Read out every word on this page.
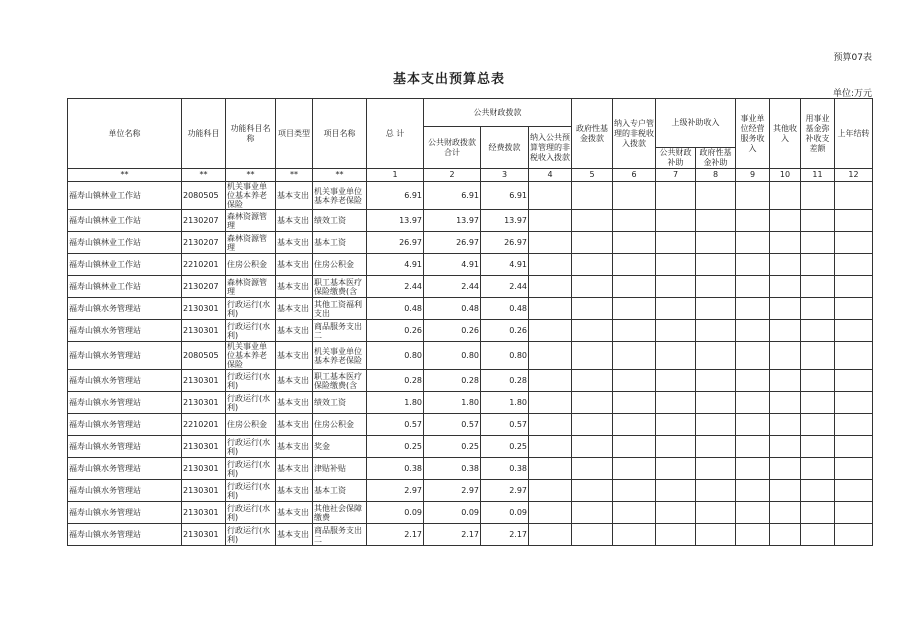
预算07表
基本支出预算总表
单位:万元
单位名称	功能科目	功能科目名称	项目类型	项目名称	总 计	公共财政拨款			政府性基金拨款	纳入专户管理的非税收入拨款	上级补助收入		事业单位经营服务收入	其他收入	用事业基金弥补收支差额	上年结转
						公共财政拨款合计	经费拨款	纳入公共预算管理的非税收入拨款								
											公共财政补助	政府性基金补助				
**	**	**	**	**	1	2	3	4	5	6	7	8	9	10	11	12
福寿山镇林业工作站	2080505	机关事业单位基本养老保险	基本支出	机关事业单位基本养老保险	6.91	6.91	6.91									
福寿山镇林业工作站	2130207	森林资源管理	基本支出	绩效工资	13.97	13.97	13.97									
福寿山镇林业工作站	2130207	森林资源管理	基本支出	基本工资	26.97	26.97	26.97									
福寿山镇林业工作站	2210201	住房公积金	基本支出	住房公积金	4.91	4.91	4.91									
福寿山镇林业工作站	2130207	森林资源管理	基本支出	职工基本医疗保险缴费(含	2.44	2.44	2.44									
福寿山镇水务管理站	2130301	行政运行(水利)	基本支出	其他工资福利支出	0.48	0.48	0.48									
福寿山镇水务管理站	2130301	行政运行(水利)	基本支出	商品服务支出二	0.26	0.26	0.26									
福寿山镇水务管理站	2080505	机关事业单位基本养老保险	基本支出	机关事业单位基本养老保险	0.80	0.80	0.80									
福寿山镇水务管理站	2130301	行政运行(水利)	基本支出	职工基本医疗保险缴费(含	0.28	0.28	0.28									
福寿山镇水务管理站	2130301	行政运行(水利)	基本支出	绩效工资	1.80	1.80	1.80									
福寿山镇水务管理站	2210201	住房公积金	基本支出	住房公积金	0.57	0.57	0.57									
福寿山镇水务管理站	2130301	行政运行(水利)	基本支出	奖金	0.25	0.25	0.25									
福寿山镇水务管理站	2130301	行政运行(水利)	基本支出	津贴补贴	0.38	0.38	0.38									
福寿山镇水务管理站	2130301	行政运行(水利)	基本支出	基本工资	2.97	2.97	2.97									
福寿山镇水务管理站	2130301	行政运行(水利)	基本支出	其他社会保障缴费	0.09	0.09	0.09									
福寿山镇水务管理站	2130301	行政运行(水利)	基本支出	商品服务支出二	2.17	2.17	2.17									
